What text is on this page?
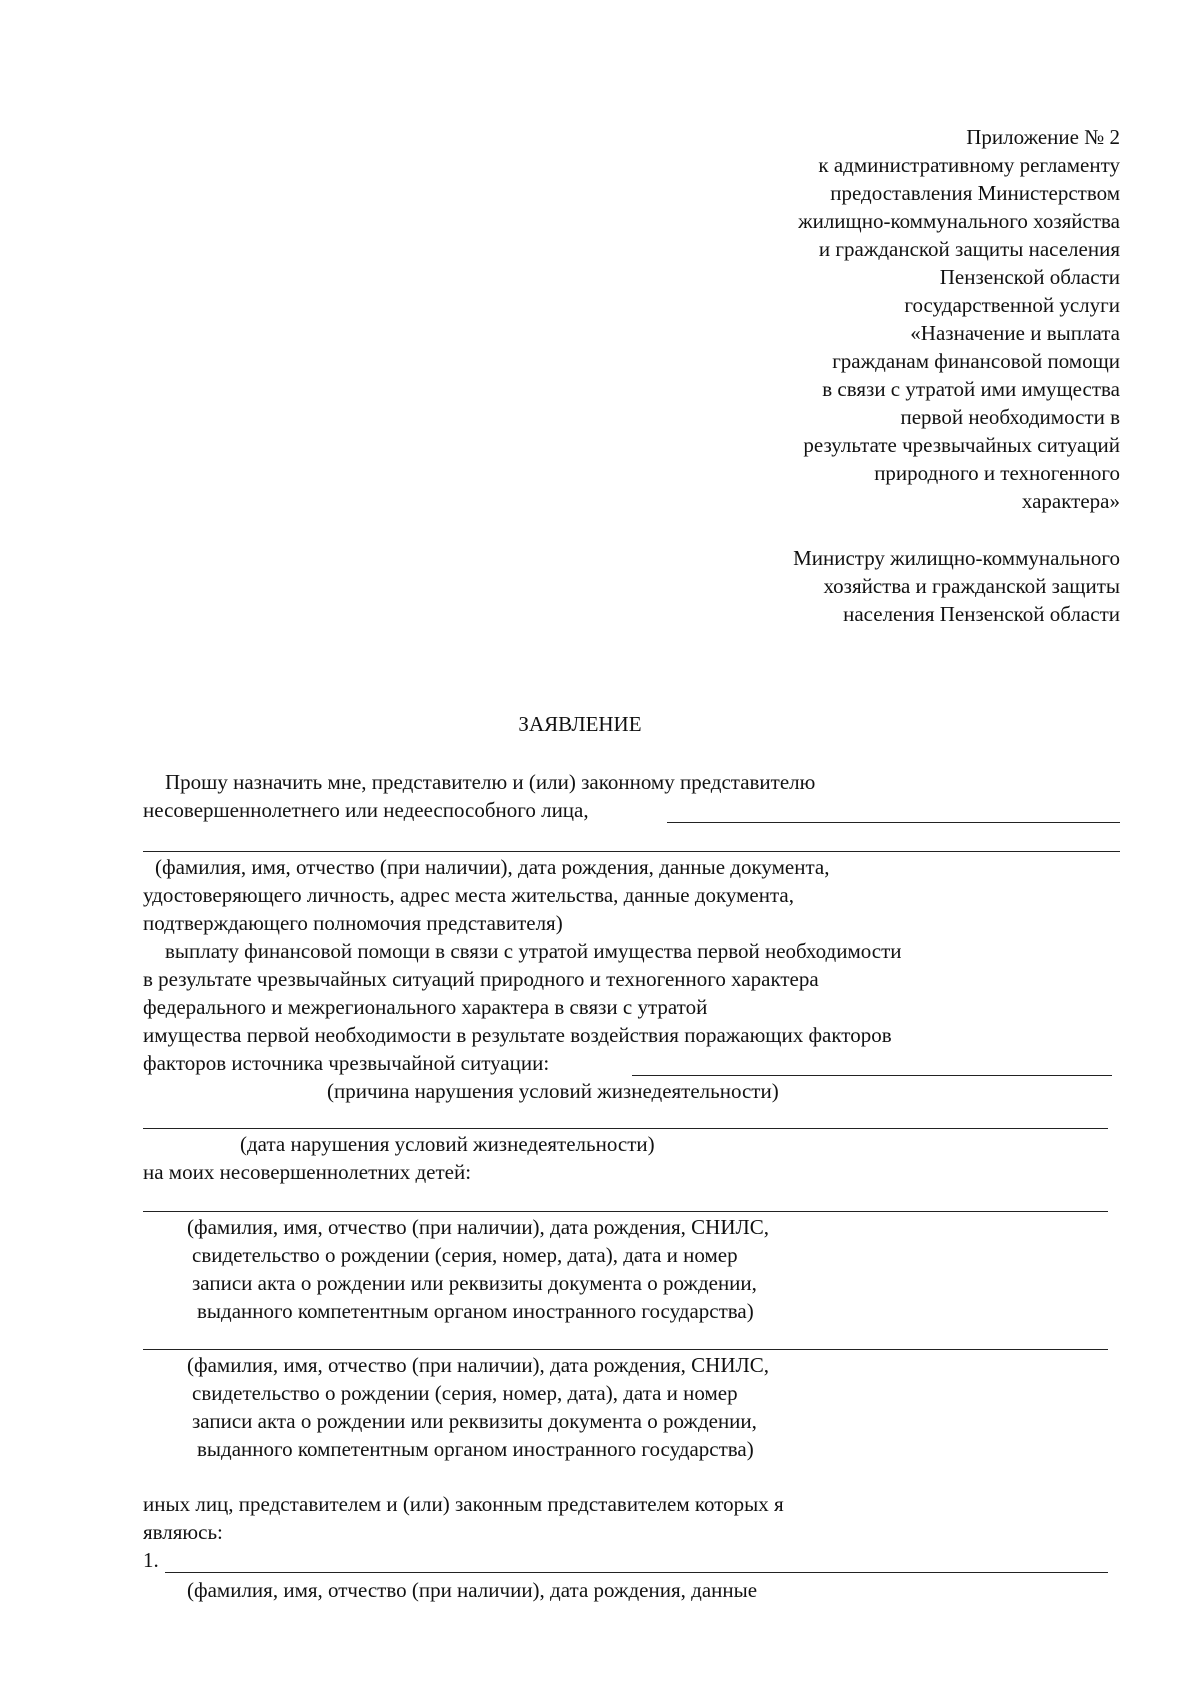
Приложение № 2
к административному регламенту
предоставления Министерством
жилищно-коммунального хозяйства
и гражданской защиты населения
Пензенской области
государственной услуги
«Назначение и выплата
гражданам финансовой помощи
в связи с утратой ими имущества
первой необходимости в
результате чрезвычайных ситуаций
природного и техногенного
характера»
Министру жилищно-коммунального
хозяйства и гражданской защиты
населения Пензенской области
ЗАЯВЛЕНИЕ
Прошу назначить мне, представителю и (или) законному представителю
несовершеннолетнего или недееспособного лица,
(фамилия, имя, отчество (при наличии), дата рождения, данные документа,
удостоверяющего личность, адрес места жительства, данные документа,
подтверждающего полномочия представителя)
выплату финансовой помощи в связи с утратой имущества первой необходимости
в результате чрезвычайных ситуаций природного и техногенного характера
федерального и межрегионального характера в связи с утратой
имущества первой необходимости в результате воздействия поражающих факторов
факторов источника чрезвычайной ситуации:
(причина нарушения условий жизнедеятельности)
(дата нарушения условий жизнедеятельности)
на моих несовершеннолетних детей:
(фамилия, имя, отчество (при наличии), дата рождения, СНИЛС,
свидетельство о рождении (серия, номер, дата), дата и номер
записи акта о рождении или реквизиты документа о рождении,
выданного компетентным органом иностранного государства)
(фамилия, имя, отчество (при наличии), дата рождения, СНИЛС,
свидетельство о рождении (серия, номер, дата), дата и номер
записи акта о рождении или реквизиты документа о рождении,
выданного компетентным органом иностранного государства)
иных лиц, представителем и (или) законным представителем которых я
являюсь:
1.
(фамилия, имя, отчество (при наличии), дата рождения, данные
